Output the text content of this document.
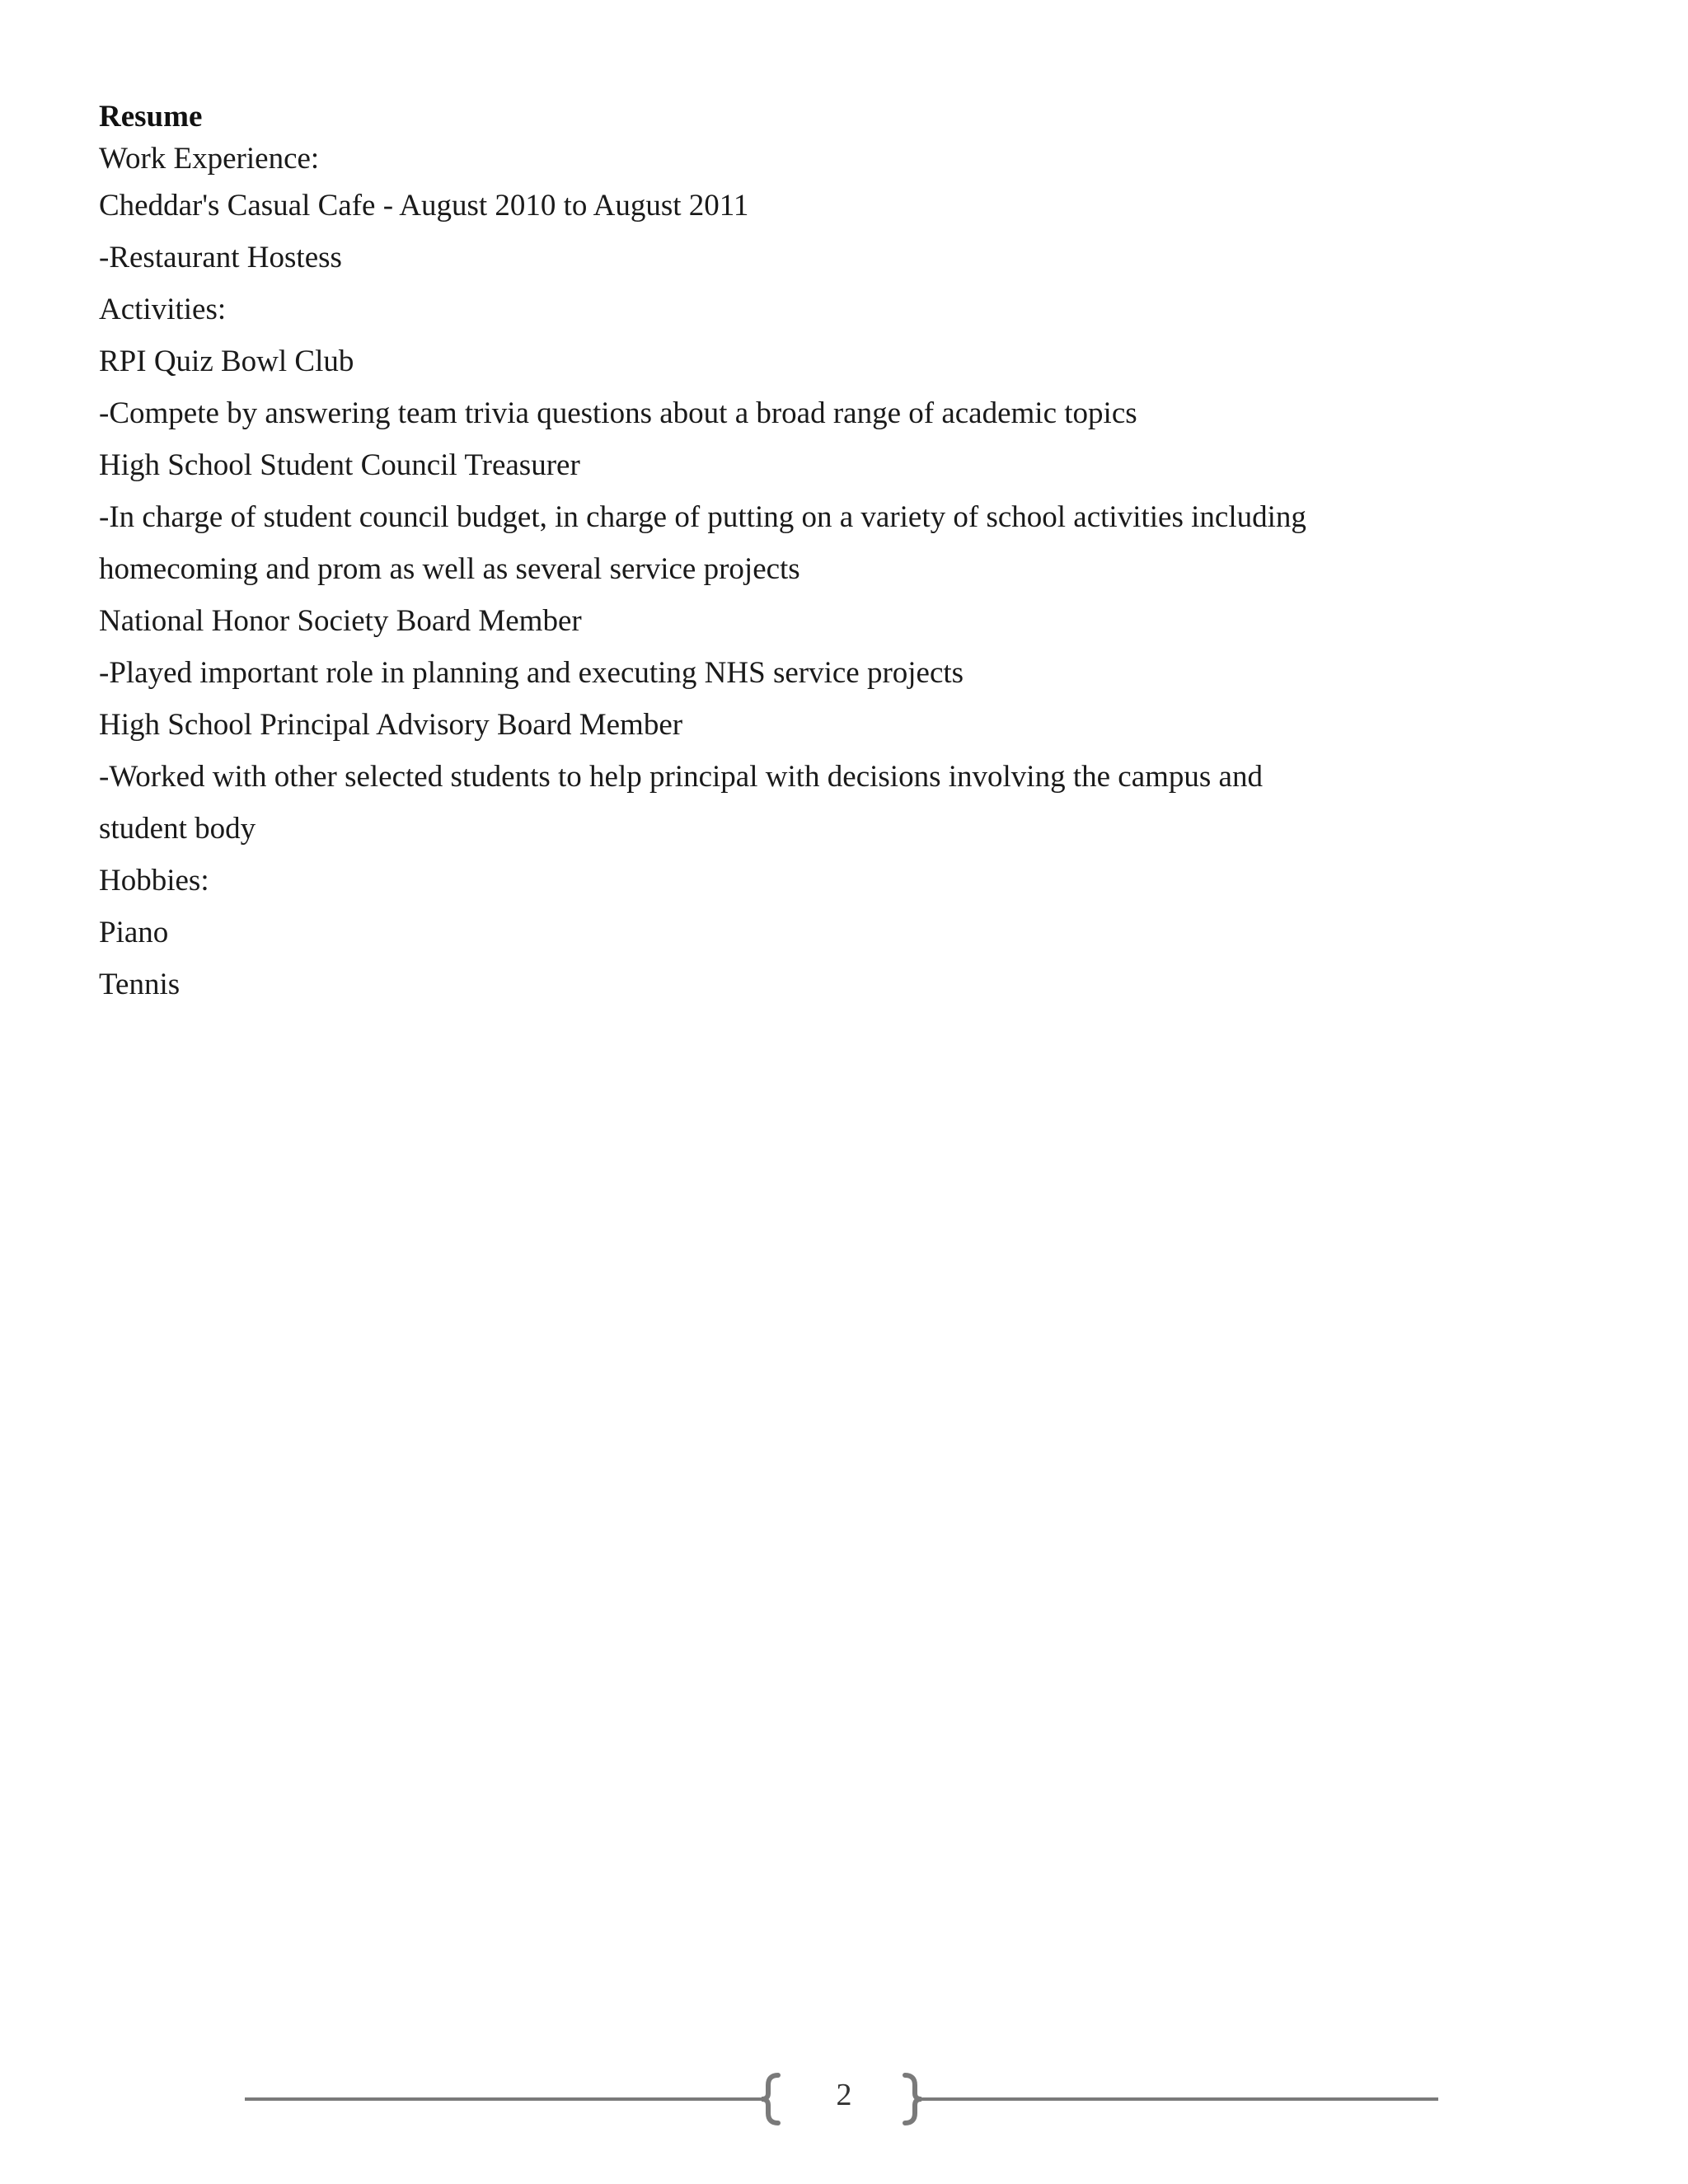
Resume

Work Experience:

Cheddar's Casual Cafe - August 2010 to August 2011

-Restaurant Hostess

Activities:

RPI Quiz Bowl Club

-Compete by answering team trivia questions about a broad range of academic topics

High School Student Council Treasurer

-In charge of student council budget, in charge of putting on a variety of school activities including

homecoming and prom as well as several service projects

National Honor Society Board Member

-Played important role in planning and executing NHS service projects

High School Principal Advisory Board Member

-Worked with other selected students to help principal with decisions involving the campus and

student body

Hobbies:

Piano

Tennis

2
